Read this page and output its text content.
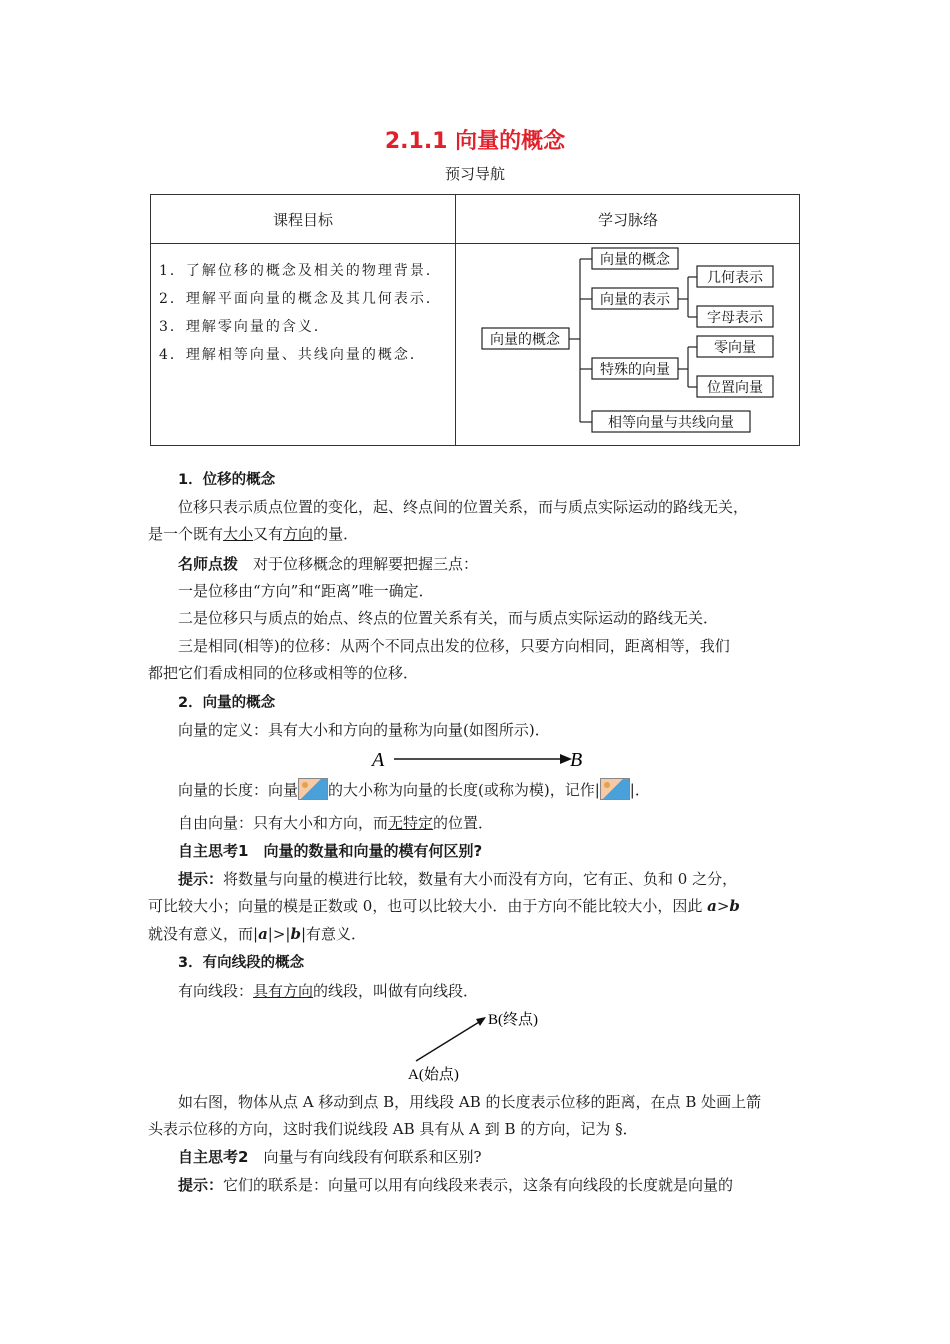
2.1.1 向量的概念
预习导航
课程目标	学习脉络
1．了解位移的概念及相关的物理背景．
2．理解平面向量的概念及其几何表示．
3．理解零向量的含义．
4．理解相等向量、共线向量的概念．
向量的概念
向量的概念
向量的表示
特殊的向量
相等向量与共线向量
几何表示
字母表示
零向量
位置向量
1．位移的概念
位移只表示质点位置的变化，起、终点间的位置关系，而与质点实际运动的路线无关，
是一个既有大小又有方向的量．
名师点拨　对于位移概念的理解要把握三点：
一是位移由“方向”和“距离”唯一确定．
二是位移只与质点的始点、终点的位置关系有关，而与质点实际运动的路线无关．
三是相同(相等)的位移：从两个不同点出发的位移，只要方向相同，距离相等，我们
都把它们看成相同的位移或相等的位移．
2．向量的概念
向量的定义：具有大小和方向的量称为向量(如图所示)．
A	B
向量的长度：向量 的大小称为向量的长度(或称为模)，记作| |．
自由向量：只有大小和方向，而无特定的位置．
自主思考1　向量的数量和向量的模有何区别?
提示：将数量与向量的模进行比较，数量有大小而没有方向，它有正、负和 0 之分，
可比较大小；向量的模是正数或 0，也可以比较大小．由于方向不能比较大小，因此 a>b
就没有意义，而|a|>|b|有意义．
3．有向线段的概念
有向线段：具有方向的线段，叫做有向线段．
B(终点)
A(始点)
如右图，物体从点 A 移动到点 B，用线段 AB 的长度表示位移的距离，在点 B 处画上箭
头表示位移的方向，这时我们说线段 AB 具有从 A 到 B 的方向，记为 §．
自主思考2　向量与有向线段有何联系和区别?
提示：它们的联系是：向量可以用有向线段来表示，这条有向线段的长度就是向量的
